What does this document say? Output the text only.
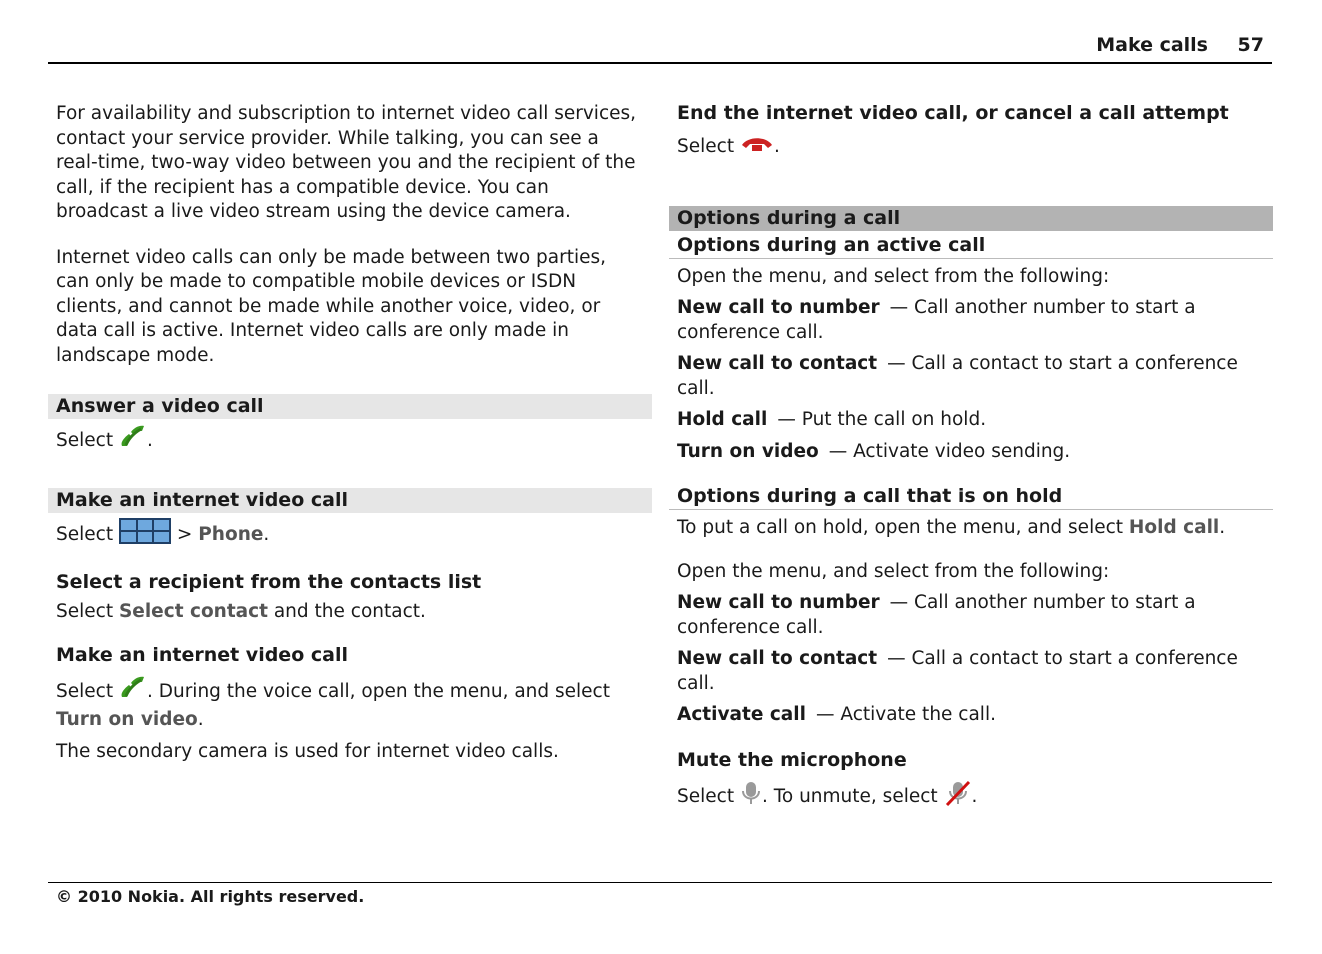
Make calls 57

For availability and subscription to internet video call services, contact your service provider. While talking, you can see a real-time, two-way video between you and the recipient of the call, if the recipient has a compatible device. You can broadcast a live video stream using the device camera.

Internet video calls can only be made between two parties, can only be made to compatible mobile devices or ISDN clients, and cannot be made while another voice, video, or data call is active. Internet video calls are only made in landscape mode.

Answer a video call

Select .

Make an internet video call

Select	> Phone.

Select a recipient from the contacts list

Select Select contact and the contact.

Make an internet video call

Select . During the voice call, open the menu, and select Turn on video.

The secondary camera is used for internet video calls.

End the internet video call, or cancel a call attempt

Select .

Options during a call
Options during an active call

Open the menu, and select from the following:

New call to number — Call another number to start a conference call.

New call to contact — Call a contact to start a conference call.

Hold call — Put the call on hold.

Turn on video — Activate video sending.

Options during a call that is on hold

To put a call on hold, open the menu, and select Hold call.

Open the menu, and select from the following:

New call to number — Call another number to start a conference call.

New call to contact — Call a contact to start a conference call.

Activate call — Activate the call.

Mute the microphone

Select . To unmute, select .

© 2010 Nokia. All rights reserved.
